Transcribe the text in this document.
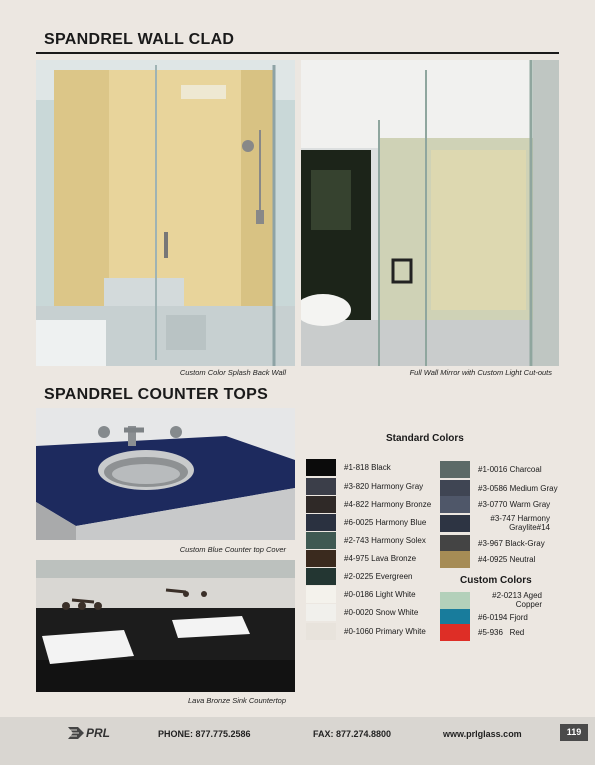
SPANDREL WALL CLAD
Custom Color Splash Back Wall	Full Wall Mirror with Custom Light Cut-outs
SPANDREL COUNTER TOPS
Custom Blue Counter top Cover
Lava Bronze Sink Countertop
Standard Colors
#1-818 Black
#3-820 Harmony Gray
#4-822 Harmony Bronze
#6-0025 Harmony Blue
#2-743 Harmony Solex
#4-975 Lava Bronze
#2-0225 Evergreen
#0-0186 Light White
#0-0020 Snow White
#0-1060 Primary White
#1-0016 Charcoal
#3-0586 Medium Gray
#3-0770 Warm Gray
#3-747 Harmony Graylite#14
#3-967 Black-Gray
#4-0925 Neutral
Custom Colors
#2-0213 Aged Copper
#6-0194 Fjord
#5-936   Red
PRL	PHONE: 877.775.2586	FAX: 877.274.8800	www.prlglass.com	119
